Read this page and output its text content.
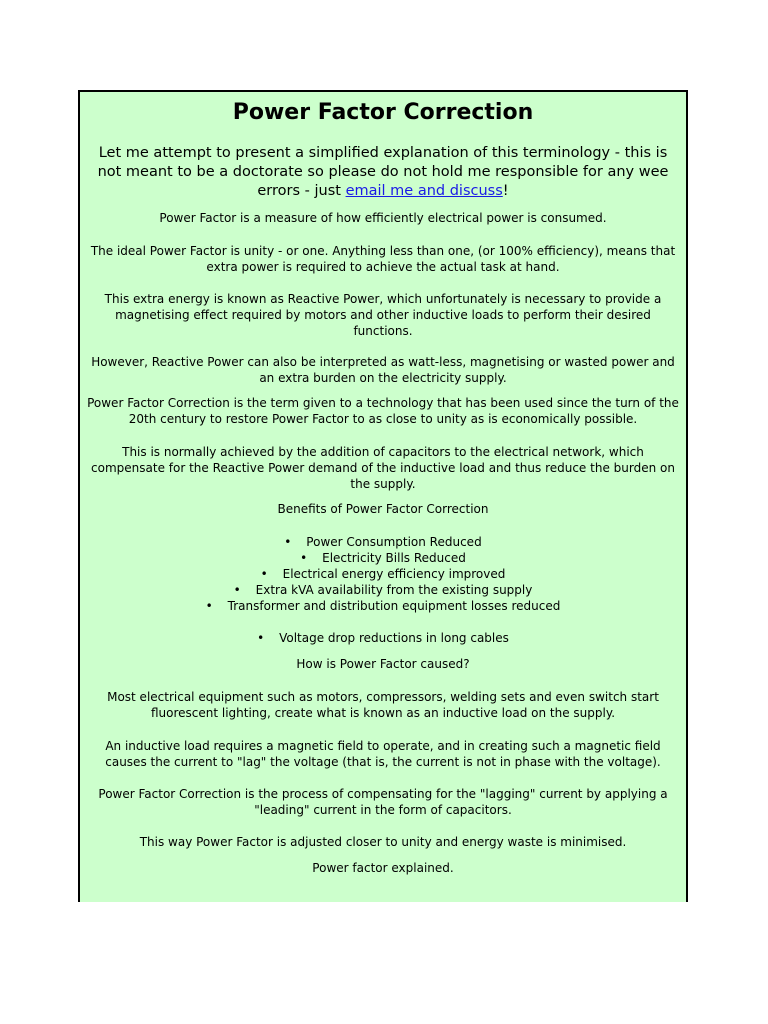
Power Factor Correction
Let me attempt to present a simplified explanation of this terminology - this is not meant to be a doctorate so please do not hold me responsible for any wee errors - just email me and discuss!
Power Factor is a measure of how efficiently electrical power is consumed.
The ideal Power Factor is unity - or one. Anything less than one, (or 100% efficiency), means that extra power is required to achieve the actual task at hand.
This extra energy is known as Reactive Power, which unfortunately is necessary to provide a magnetising effect required by motors and other inductive loads to perform their desired functions.
However, Reactive Power can also be interpreted as watt-less, magnetising or wasted power and an extra burden on the electricity supply.
Power Factor Correction is the term given to a technology that has been used since the turn of the 20th century to restore Power Factor to as close to unity as is economically possible.
This is normally achieved by the addition of capacitors to the electrical network, which compensate for the Reactive Power demand of the inductive load and thus reduce the burden on the supply.
Benefits of Power Factor Correction
• Power Consumption Reduced
• Electricity Bills Reduced
• Electrical energy efficiency improved
• Extra kVA availability from the existing supply
• Transformer and distribution equipment losses reduced
• Voltage drop reductions in long cables
How is Power Factor caused?
Most electrical equipment such as motors, compressors, welding sets and even switch start fluorescent lighting, create what is known as an inductive load on the supply.
An inductive load requires a magnetic field to operate, and in creating such a magnetic field causes the current to "lag" the voltage (that is, the current is not in phase with the voltage).
Power Factor Correction is the process of compensating for the "lagging" current by applying a "leading" current in the form of capacitors.
This way Power Factor is adjusted closer to unity and energy waste is minimised.
Power factor explained.
